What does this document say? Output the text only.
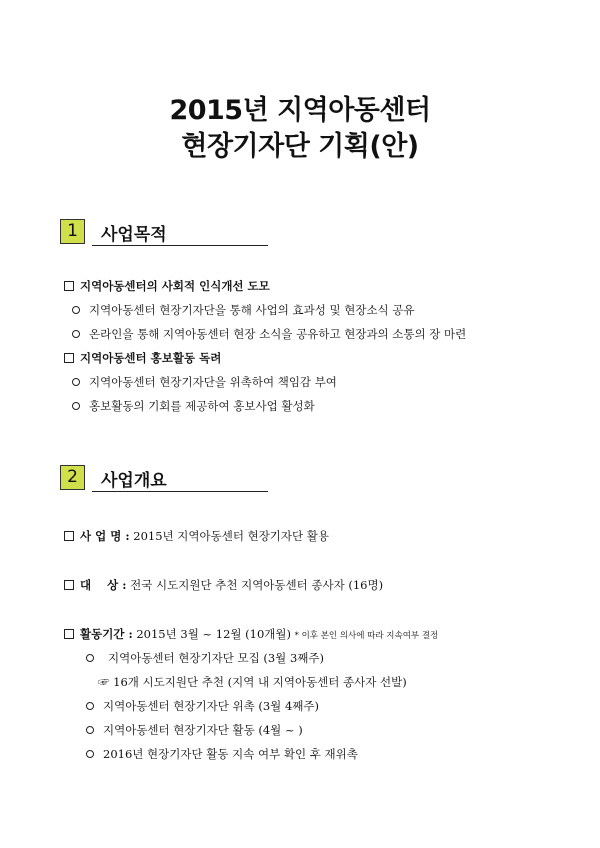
2015년 지역아동센터
현장기자단 기획(안)
1	사업목적
지역아동센터의 사회적 인식개선 도모
지역아동센터 현장기자단을 통해 사업의 효과성 및 현장소식 공유
온라인을 통해 지역아동센터 현장 소식을 공유하고 현장과의 소통의 장 마련
지역아동센터 홍보활동 독려
지역아동센터 현장기자단을 위촉하여 책임감 부여
홍보활동의 기회를 제공하여 홍보사업 활성화
2	사업개요
사 업 명 : 2015년 지역아동센터 현장기자단 활용
대    상 : 전국 시도지원단 추천 지역아동센터 종사자 (16명)
활동기간 : 2015년 3월 ~ 12월 (10개월) * 이후 본인 의사에 따라 지속여부 결정
지역아동센터 현장기자단 모집 (3월 3째주)
☞ 16개 시도지원단 추천 (지역 내 지역아동센터 종사자 선발)
지역아동센터 현장기자단 위촉 (3월 4째주)
지역아동센터 현장기자단 활동 (4월 ~ )
2016년 현장기자단 활동 지속 여부 확인 후 재위촉
